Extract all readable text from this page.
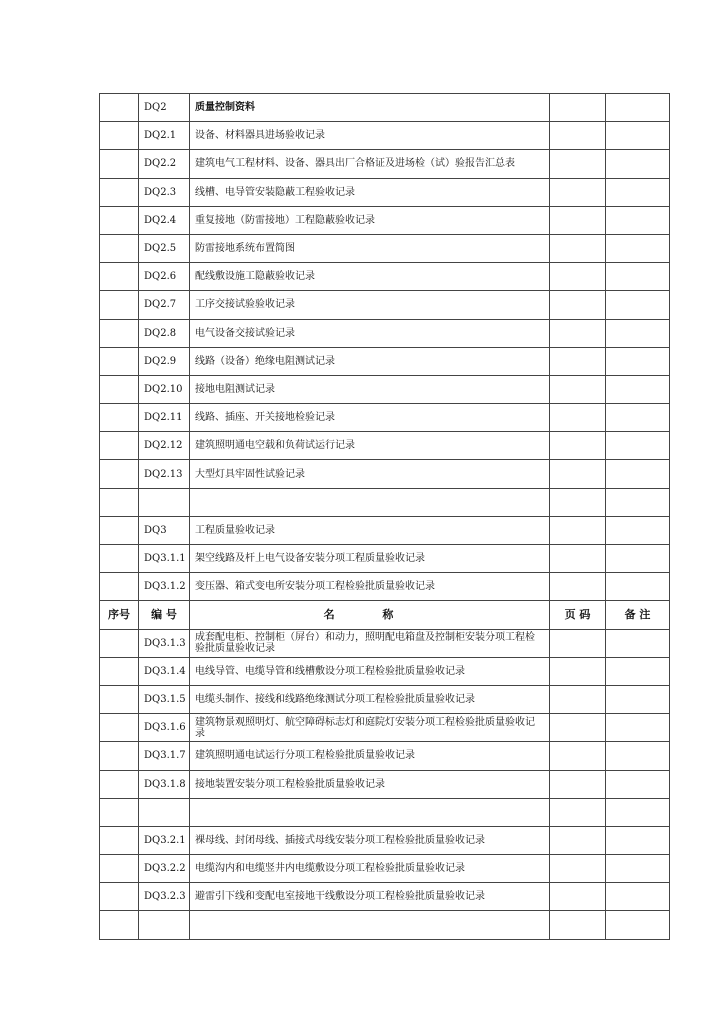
	DQ2	质量控制资料		
	DQ2.1	设备、材料器具进场验收记录		
	DQ2.2	建筑电气工程材料、设备、器具出厂合格证及进场检（试）验报告汇总表		
	DQ2.3	线槽、电导管安装隐蔽工程验收记录		
	DQ2.4	重复接地（防雷接地）工程隐蔽验收记录		
	DQ2.5	防雷接地系统布置简图		
	DQ2.6	配线敷设施工隐蔽验收记录		
	DQ2.7	工序交接试验验收记录		
	DQ2.8	电气设备交接试验记录		
	DQ2.9	线路（设备）绝缘电阻测试记录		
	DQ2.10	接地电阻测试记录		
	DQ2.11	线路、插座、开关接地检验记录		
	DQ2.12	建筑照明通电空载和负荷试运行记录		
	DQ2.13	大型灯具牢固性试验记录		

	DQ3	工程质量验收记录		
	DQ3.1.1	架空线路及杆上电气设备安装分项工程质量验收记录		
	DQ3.1.2	变压器、箱式变电所安装分项工程检验批质量验收记录		
序号	编 号	名 称	页 码	备 注
	DQ3.1.3	成套配电柜、控制柜（屏台）和动力，照明配电箱盘及控制柜安装分项工程检验批质量验收记录		
	DQ3.1.4	电线导管、电缆导管和线槽敷设分项工程检验批质量验收记录		
	DQ3.1.5	电缆头制作、接线和线路绝缘测试分项工程检验批质量验收记录		
	DQ3.1.6	建筑物景观照明灯、航空障碍标志灯和庭院灯安装分项工程检验批质量验收记录		
	DQ3.1.7	建筑照明通电试运行分项工程检验批质量验收记录		
	DQ3.1.8	接地装置安装分项工程检验批质量验收记录		

	DQ3.2.1	裸母线、封闭母线、插接式母线安装分项工程检验批质量验收记录		
	DQ3.2.2	电缆沟内和电缆竖井内电缆敷设分项工程检验批质量验收记录		
	DQ3.2.3	避雷引下线和变配电室接地干线敷设分项工程检验批质量验收记录		
